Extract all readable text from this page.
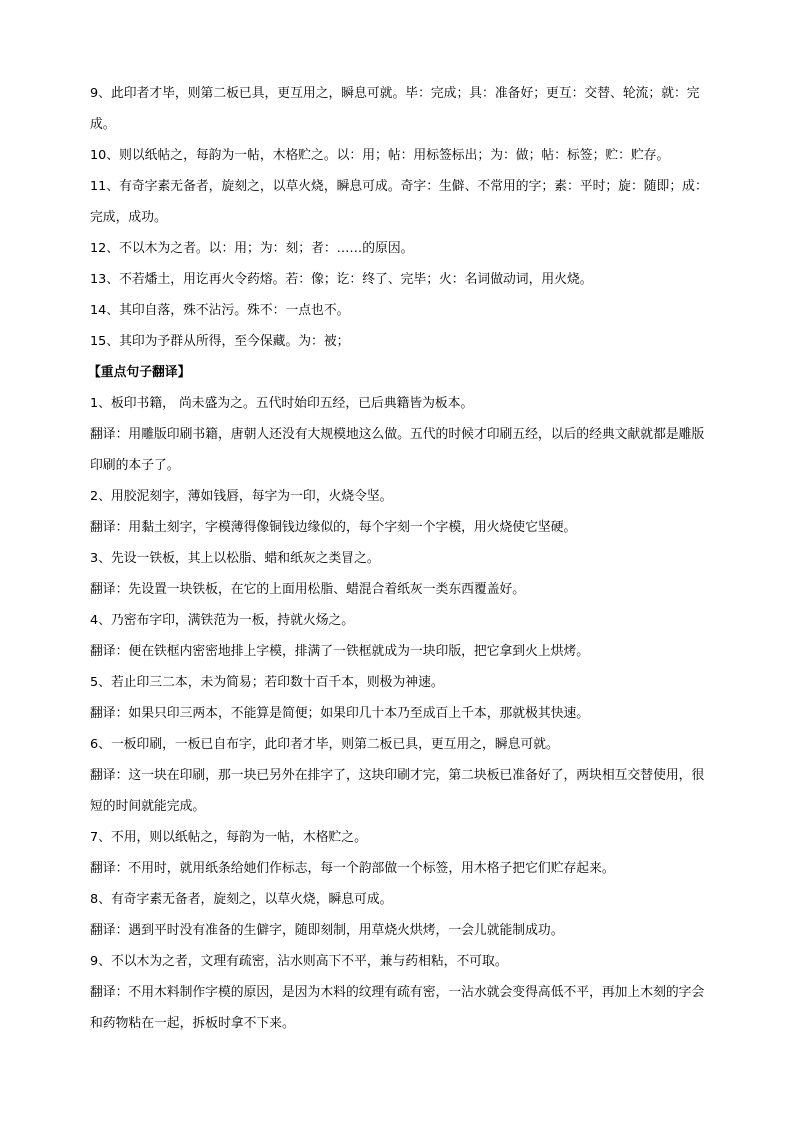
9、此印者才毕，则第二板已具，更互用之，瞬息可就。毕：完成；具：准备好；更互：交替、轮流；就：完成。

10、则以纸帖之，每韵为一帖，木格贮之。以：用；帖：用标签标出；为：做；帖：标签；贮：贮存。

11、有奇字素无备者，旋刻之，以草火烧，瞬息可成。奇字：生僻、不常用的字；素：平时；旋：随即；成：完成，成功。

12、不以木为之者。以：用；为：刻；者：……的原因。

13、不若燔土，用讫再火令药熔。若：像；讫：终了、完毕；火：名词做动词，用火烧。

14、其印自落，殊不沾污。殊不：一点也不。

15、其印为予群从所得，至今保藏。为：被；

【重点句子翻译】

1、板印书籍， 尚未盛为之。五代时始印五经，已后典籍皆为板本。

翻译：用雕版印刷书籍，唐朝人还没有大规模地这么做。五代的时候才印刷五经，以后的经典文献就都是雕版印刷的本子了。

2、用胶泥刻字，薄如钱唇，每字为一印，火烧令坚。

翻译：用黏土刻字，字模薄得像铜钱边缘似的，每个字刻一个字模，用火烧使它坚硬。

3、先设一铁板，其上以松脂、蜡和纸灰之类冒之。

翻译：先设置一块铁板，在它的上面用松脂、蜡混合着纸灰一类东西覆盖好。

4、乃密布字印，满铁范为一板，持就火炀之。

翻译：便在铁框内密密地排上字模，排满了一铁框就成为一块印版，把它拿到火上烘烤。

5、若止印三二本，未为简易；若印数十百千本，则极为神速。

翻译：如果只印三两本，不能算是简便；如果印几十本乃至成百上千本，那就极其快速。

6、一板印刷，一板已自布字，此印者才毕，则第二板已具，更互用之，瞬息可就。

翻译：这一块在印刷，那一块已另外在排字了，这块印刷才完，第二块板已准备好了，两块相互交替使用，很短的时间就能完成。

7、不用，则以纸帖之，每韵为一帖，木格贮之。

翻译：不用时，就用纸条给她们作标志，每一个韵部做一个标签，用木格子把它们贮存起来。

8、有奇字素无备者，旋刻之，以草火烧，瞬息可成。

翻译：遇到平时没有准备的生僻字，随即刻制，用草烧火烘烤，一会儿就能制成功。

9、不以木为之者，文理有疏密，沾水则高下不平，兼与药相粘，不可取。

翻译：不用木料制作字模的原因，是因为木料的纹理有疏有密，一沾水就会变得高低不平，再加上木刻的字会和药物粘在一起，拆板时拿不下来。
